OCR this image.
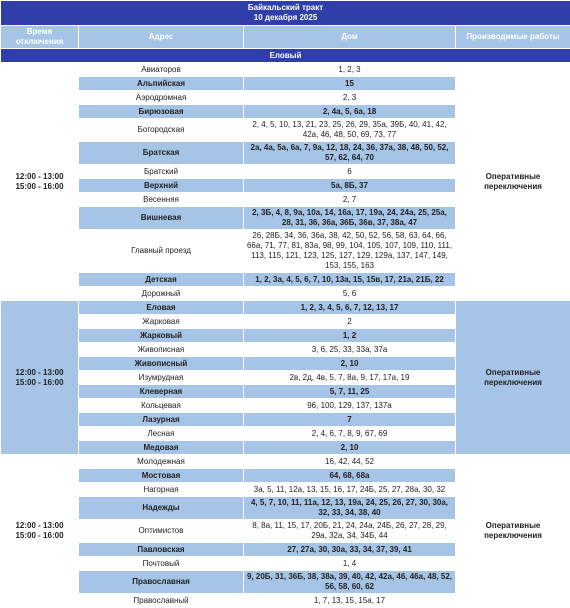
Байкальский тракт
10 декабря 2025			

Время отключения	Адрес	Дом	Производимые работы
Еловый			
12:00 - 13:00
15:00 - 16:00	Авиаторов	1, 2, 3	Оперативные переключения
	Альпийская	15	
	Аэродромная	2, 3	
	Бирюзовая	2, 4а, 5, 6а, 18	
	Богородская	2, 4, 5, 10, 13, 21, 23, 25, 26, 29, 35а, 39Б, 40, 41, 42, 42а, 46, 48, 50, 69, 73, 77	
	Братская	2а, 4а, 5а, 6а, 7, 9а, 12, 18, 24, 36, 37а, 38, 48, 50, 52, 57, 62, 64, 70	
	Братский	6	
	Верхний	5а, 8Б, 37	
	Весенняя	2, 7	
	Вишневая	2, 3Б, 4, 8, 9а, 10а, 14, 16а, 17, 19а, 24, 24а, 25, 25а, 28, 31, 36, 36а, 36Б, 36в, 37, 38а, 47	
	Главный проезд	26, 28Б, 34, 36, 36а, 38, 42, 50, 52, 56, 58, 63, 64, 66, 66а, 71, 77, 81, 83а, 98, 99, 104, 105, 107, 109, 110, 111, 113, 115, 121, 123, 125, 127, 129, 129а, 137, 147, 149, 153, 155, 163	
	Детская	1, 2, 3а, 4, 5, 6, 7, 10, 13а, 15, 15в, 17, 21а, 21Б, 22	
	Дорожный	5, 6	
12:00 - 13:00
15:00 - 16:00	Еловая	1, 2, 3, 4, 5, 6, 7, 12, 13, 17	Оперативные переключения
	Жарковая	2	
	Жарковый	1, 2	
	Живописная	3, 6, 25, 33, 33а, 37а	
	Живописный	2, 10	
	Изумрудная	2в, 2д, 4в, 5, 7, 8а, 9, 17, 17а, 19	
	Клеверная	5, 7, 11, 25	
	Кольцевая	96, 100, 129, 137, 137а	
	Лазурная	7	
	Лесная	2, 4, 6, 7, 8, 9, 67, 69	
	Медовая	2, 10	
12:00 - 13:00
15:00 - 16:00	Молодежная	16, 42, 44, 52	Оперативные переключения
	Мостовая	64, 68, 68а	
	Нагорная	3а, 5, 11, 12а, 13, 15, 16, 17, 24Б, 25, 27, 28а, 30, 32	
	Надежды	4, 5, 7, 10, 11, 11а, 12, 13, 19а, 24, 25, 26, 27, 30, 30а, 32, 33, 34, 38, 40	
	Оптимистов	8, 8а, 11, 15, 17, 20Б, 21, 24, 24а, 24Б, 26, 27, 28, 29, 29а, 32а, 34, 34Б, 44	
	Павловская	27, 27а, 30, 30а, 33, 34, 37, 39, 41	
	Почтовый	1, 4	
	Православная	9, 20Б, 31, 36Б, 38, 38а, 39, 40, 42, 42а, 46, 46а, 48, 52, 56, 58, 60, 62	
	Православный	1, 7, 13, 15, 15а, 17	
